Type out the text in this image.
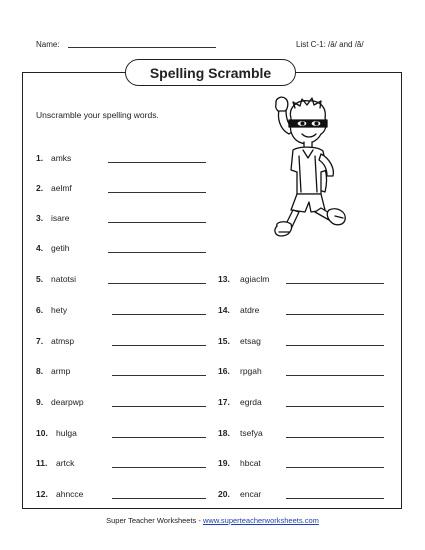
Name:	List C-1: /ā/ and /ă/
Spelling Scramble
Unscramble your spelling words.
1. amks
2. aelmf
3. isare
4. getih
5. natotsi
6. hety
7. atmsp
8. armp
9. dearpwp
10. hulga
11. artck
12. ahncce
13. agiaclm
14. atdre
15. etsag
16. rpgah
17. egrda
18. tsefya
19. hbcat
20. encar
Super Teacher Worksheets - www.superteacherworksheets.com
